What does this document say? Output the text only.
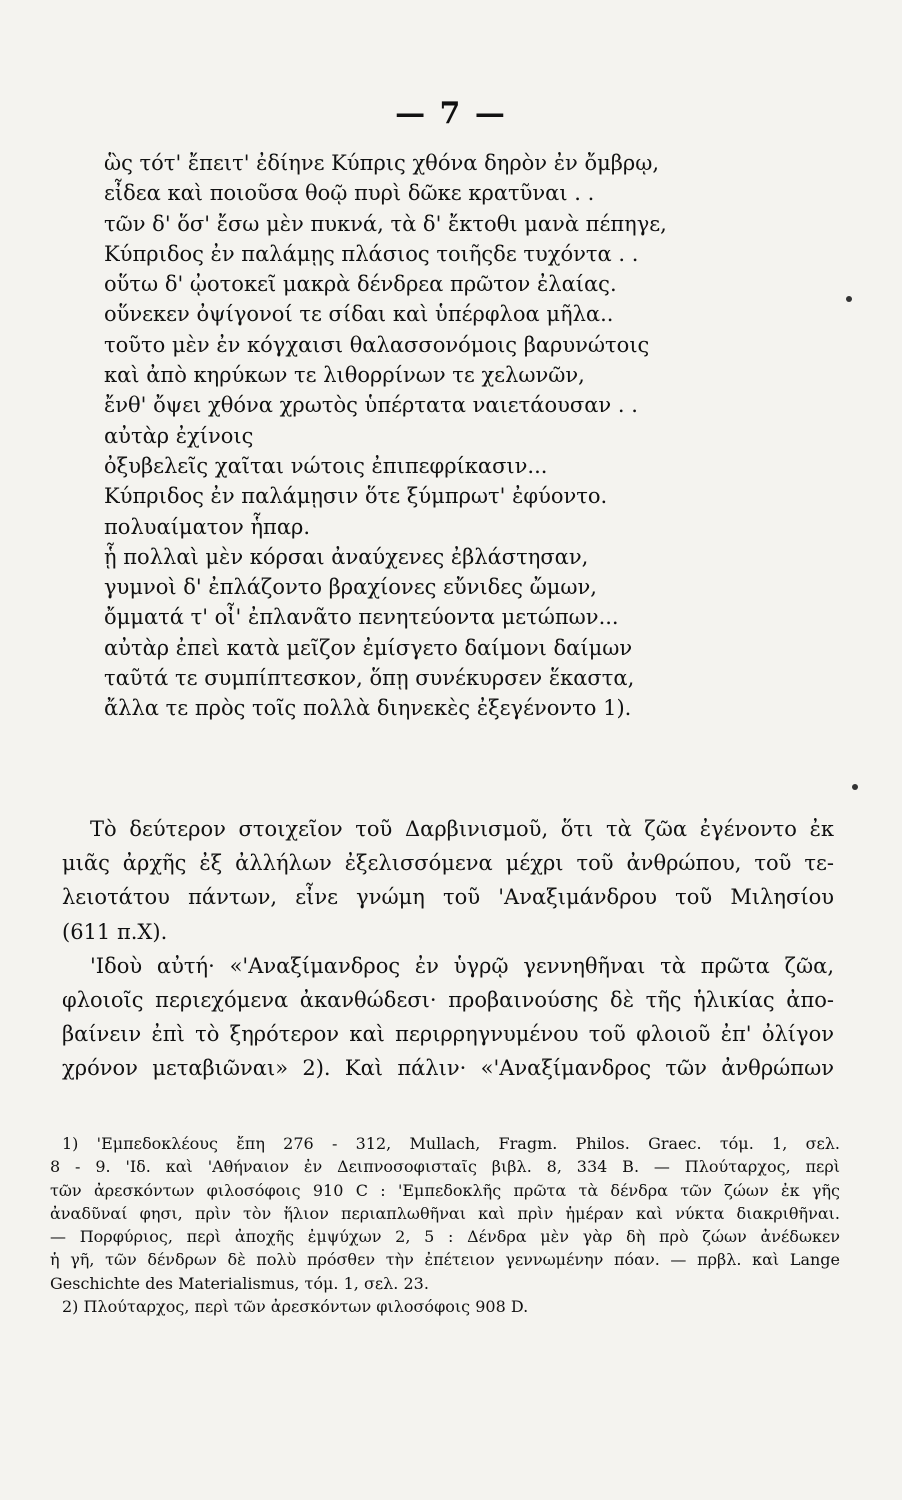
— 7 —
ὣς τότ' ἔπειτ' ἐδίηνε Κύπρις χθόνα δηρὸν ἐν ὄμβρῳ,
εἶδεα καὶ ποιοῦσα θοῷ πυρὶ δῶκε κρατῦναι . .
τῶν δ' ὅσ' ἔσω μὲν πυκνά, τὰ δ' ἔκτοθι μανὰ πέπηγε,
Κύπριδος ἐν παλάμῃς πλάσιος τοιῆςδε τυχόντα . .
οὕτω δ' ᾠοτοκεῖ μακρὰ δένδρεα πρῶτον ἐλαίας.
οὕνεκεν ὀψίγονοί τε σίδαι καὶ ὑπέρφλοα μῆλα..
τοῦτο μὲν ἐν κόγχαισι θαλασσονόμοις βαρυνώτοις
καὶ ἀπὸ κηρύκων τε λιθορρίνων τε χελωνῶν,
ἔνθ' ὄψει χθόνα χρωτὸς ὑπέρτατα ναιετάουσαν . .
αὐτὰρ ἐχίνοις
ὀξυβελεῖς χαῖται νώτοις ἐπιπεφρίκασιν...
Κύπριδος ἐν παλάμῃσιν ὅτε ξύμπρωτ' ἐφύοντο.
πολυαίματον ἧπαρ.
ᾗ πολλαὶ μὲν κόρσαι ἀναύχενες ἐβλάστησαν,
γυμνοὶ δ' ἐπλάζοντο βραχίονες εὔνιδες ὤμων,
ὄμματά τ' οἶ' ἐπλανᾶτο πενητεύοντα μετώπων...
αὐτὰρ ἐπεὶ κατὰ μεῖζον ἐμίσγετο δαίμονι δαίμων
ταῦτά τε συμπίπτεσκον, ὅπῃ συνέκυρσεν ἕκαστα,
ἄλλα τε πρὸς τοῖς πολλὰ διηνεκὲς ἐξεγένοντο 1).
Τὸ δεύτερον στοιχεῖον τοῦ Δαρβινισμοῦ, ὅτι τὰ ζῶα ἐγένοντο ἐκ
μιᾶς ἀρχῆς ἐξ ἀλλήλων ἐξελισσόμενα μέχρι τοῦ ἀνθρώπου, τοῦ τε-
λειοτάτου πάντων, εἶνε γνώμη τοῦ 'Αναξιμάνδρου τοῦ Μιλησίου
(611 π.Χ).
'Ιδοὺ αὐτή· «'Αναξίμανδρος ἐν ὑγρῷ γεννηθῆναι τὰ πρῶτα ζῶα,
φλοιοῖς περιεχόμενα ἀκανθώδεσι· προβαινούσης δὲ τῆς ἡλικίας ἀπο-
βαίνειν ἐπὶ τὸ ξηρότερον καὶ περιρρηγνυμένου τοῦ φλοιοῦ ἐπ' ὀλίγον
χρόνον μεταβιῶναι» 2). Καὶ πάλιν· «'Αναξίμανδρος τῶν ἀνθρώπων
1) 'Εμπεδοκλέους ἔπη 276 - 312, Mullach, Fragm. Philos. Graec. τόμ. 1, σελ.
8 - 9. 'Ιδ. καὶ 'Αθήναιον ἐν Δειπνοσοφισταῖς βιβλ. 8, 334 Β. — Πλούταρχος, περὶ
τῶν ἀρεσκόντων φιλοσόφοις 910 C : 'Εμπεδοκλῆς πρῶτα τὰ δένδρα τῶν ζώων ἐκ γῆς
ἀναδῦναί φησι, πρὶν τὸν ἥλιον περιαπλωθῆναι καὶ πρὶν ἡμέραν καὶ νύκτα διακριθῆναι.
— Πορφύριος, περὶ ἀποχῆς ἐμψύχων 2, 5 : Δένδρα μὲν γὰρ δὴ πρὸ ζώων ἀνέδωκεν
ἡ γῆ, τῶν δένδρων δὲ πολὺ πρόσθεν τὴν ἐπέτειον γεννωμένην πόαν. — πρβλ. καὶ Lange
Geschichte des Materialismus, τόμ. 1, σελ. 23.
2) Πλούταρχος, περὶ τῶν ἀρεσκόντων φιλοσόφοις 908 D.
